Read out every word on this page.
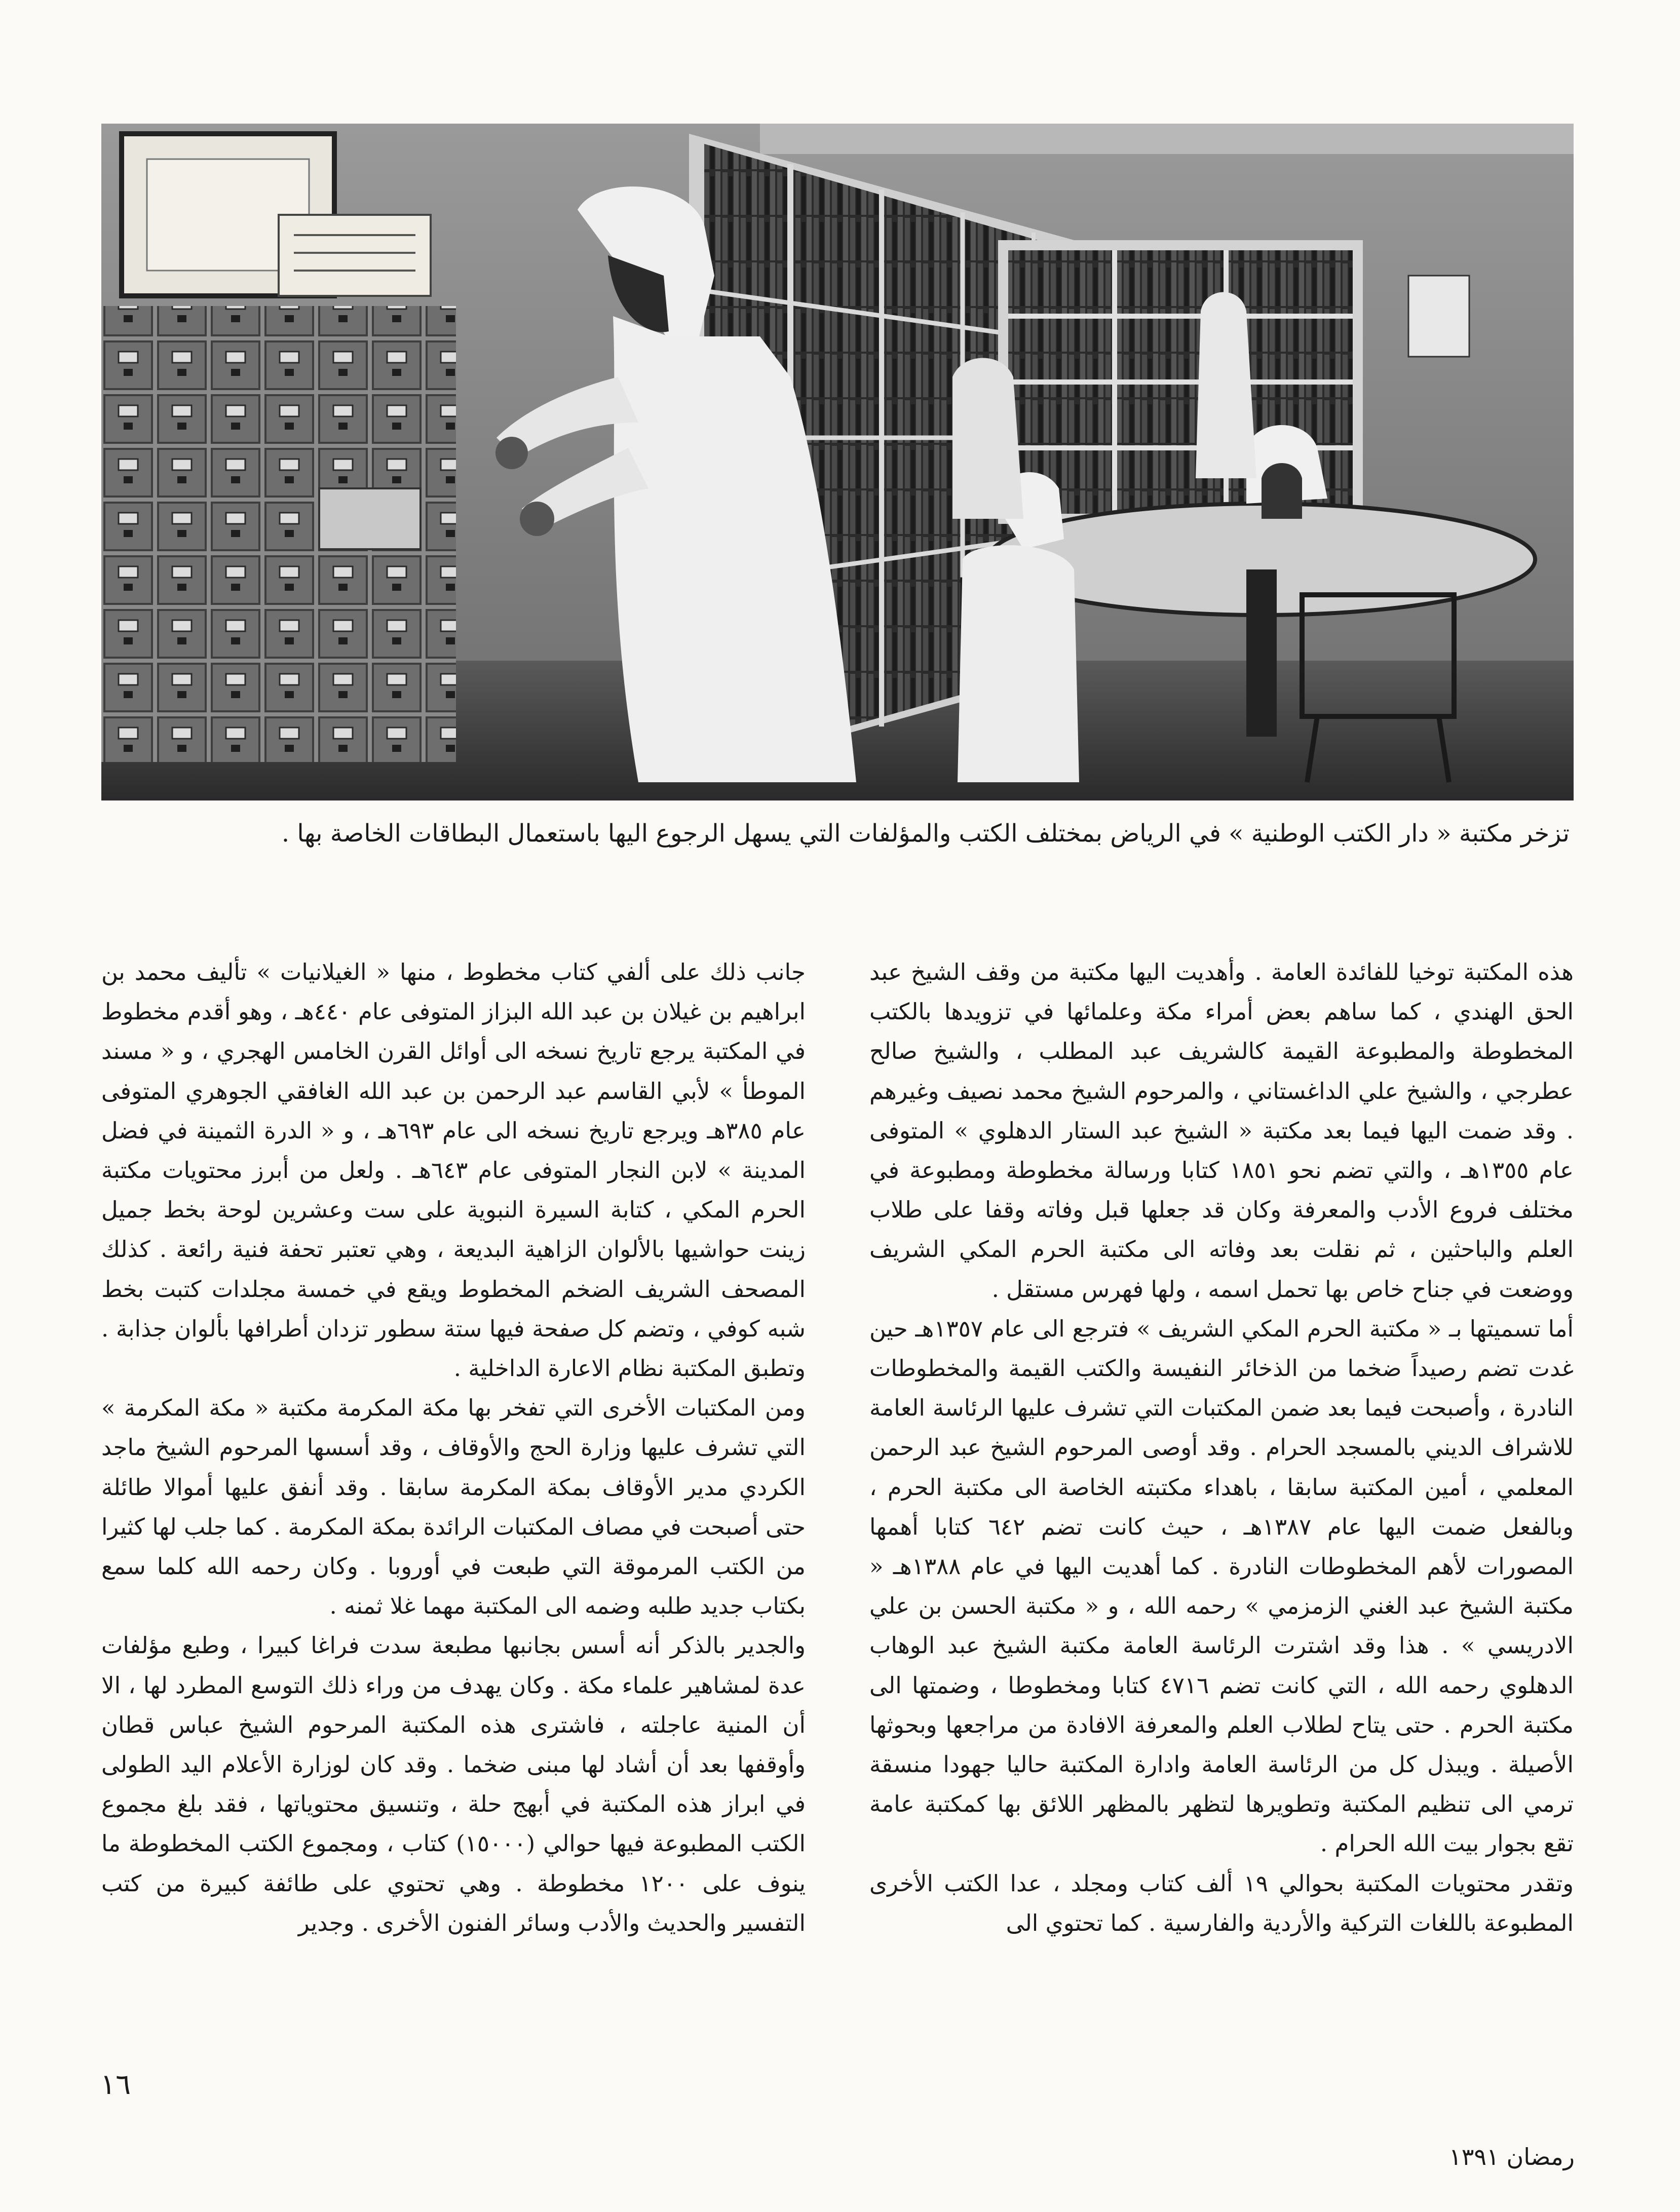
تزخر مكتبة « دار الكتب الوطنية » في الرياض بمختلف الكتب والمؤلفات التي يسهل الرجوع اليها باستعمال البطاقات الخاصة بها .

هذه المكتبة توخيا للفائدة العامة . وأهديت اليها مكتبة من وقف الشيخ عبد الحق الهندي ، كما ساهم بعض أمراء مكة وعلمائها في تزويدها بالكتب المخطوطة والمطبوعة القيمة كالشريف عبد المطلب ، والشيخ صالح عطرجي ، والشيخ علي الداغستاني ، والمرحوم الشيخ محمد نصيف وغيرهم . وقد ضمت اليها فيما بعد مكتبة « الشيخ عبد الستار الدهلوي » المتوفى عام ١٣٥٥هـ ، والتي تضم نحو ١٨٥١ كتابا ورسالة مخطوطة ومطبوعة في مختلف فروع الأدب والمعرفة وكان قد جعلها قبل وفاته وقفا على طلاب العلم والباحثين ، ثم نقلت بعد وفاته الى مكتبة الحرم المكي الشريف ووضعت في جناح خاص بها تحمل اسمه ، ولها فهرس مستقل .

أما تسميتها بـ « مكتبة الحرم المكي الشريف » فترجع الى عام ١٣٥٧هـ حين غدت تضم رصيداً ضخما من الذخائر النفيسة والكتب القيمة والمخطوطات النادرة ، وأصبحت فيما بعد ضمن المكتبات التي تشرف عليها الرئاسة العامة للاشراف الديني بالمسجد الحرام . وقد أوصى المرحوم الشيخ عبد الرحمن المعلمي ، أمين المكتبة سابقا ، باهداء مكتبته الخاصة الى مكتبة الحرم ، وبالفعل ضمت اليها عام ١٣٨٧هـ ، حيث كانت تضم ٦٤٢ كتابا أهمها المصورات لأهم المخطوطات النادرة . كما أهديت اليها في عام ١٣٨٨هـ « مكتبة الشيخ عبد الغني الزمزمي » رحمه الله ، و « مكتبة الحسن بن علي الادريسي » . هذا وقد اشترت الرئاسة العامة مكتبة الشيخ عبد الوهاب الدهلوي رحمه الله ، التي كانت تضم ٤٧١٦ كتابا ومخطوطا ، وضمتها الى مكتبة الحرم . حتى يتاح لطلاب العلم والمعرفة الافادة من مراجعها وبحوثها الأصيلة . ويبذل كل من الرئاسة العامة وادارة المكتبة حاليا جهودا منسقة ترمي الى تنظيم المكتبة وتطويرها لتظهر بالمظهر اللائق بها كمكتبة عامة تقع بجوار بيت الله الحرام .

وتقدر محتويات المكتبة بحوالي ١٩ ألف كتاب ومجلد ، عدا الكتب الأخرى المطبوعة باللغات التركية والأردية والفارسية . كما تحتوي الى

جانب ذلك على ألفي كتاب مخطوط ، منها « الغيلانيات » تأليف محمد بن ابراهيم بن غيلان بن عبد الله البزاز المتوفى عام ٤٤٠هـ ، وهو أقدم مخطوط في المكتبة يرجع تاريخ نسخه الى أوائل القرن الخامس الهجري ، و « مسند الموطأ » لأبي القاسم عبد الرحمن بن عبد الله الغافقي الجوهري المتوفى عام ٣٨٥هـ ويرجع تاريخ نسخه الى عام ٦٩٣هـ ، و « الدرة الثمينة في فضل المدينة » لابن النجار المتوفى عام ٦٤٣هـ . ولعل من أبرز محتويات مكتبة الحرم المكي ، كتابة السيرة النبوية على ست وعشرين لوحة بخط جميل زينت حواشيها بالألوان الزاهية البديعة ، وهي تعتبر تحفة فنية رائعة . كذلك المصحف الشريف الضخم المخطوط ويقع في خمسة مجلدات كتبت بخط شبه كوفي ، وتضم كل صفحة فيها ستة سطور تزدان أطرافها بألوان جذابة . وتطبق المكتبة نظام الاعارة الداخلية .

ومن المكتبات الأخرى التي تفخر بها مكة المكرمة مكتبة « مكة المكرمة » التي تشرف عليها وزارة الحج والأوقاف ، وقد أسسها المرحوم الشيخ ماجد الكردي مدير الأوقاف بمكة المكرمة سابقا . وقد أنفق عليها أموالا طائلة حتى أصبحت في مصاف المكتبات الرائدة بمكة المكرمة . كما جلب لها كثيرا من الكتب المرموقة التي طبعت في أوروبا . وكان رحمه الله كلما سمع بكتاب جديد طلبه وضمه الى المكتبة مهما غلا ثمنه .

والجدير بالذكر أنه أسس بجانبها مطبعة سدت فراغا كبيرا ، وطبع مؤلفات عدة لمشاهير علماء مكة . وكان يهدف من وراء ذلك التوسع المطرد لها ، الا أن المنية عاجلته ، فاشترى هذه المكتبة المرحوم الشيخ عباس قطان وأوقفها بعد أن أشاد لها مبنى ضخما . وقد كان لوزارة الأعلام اليد الطولى في ابراز هذه المكتبة في أبهج حلة ، وتنسيق محتوياتها ، فقد بلغ مجموع الكتب المطبوعة فيها حوالي (١٥٠٠٠) كتاب ، ومجموع الكتب المخطوطة ما ينوف على ١٢٠٠ مخطوطة . وهي تحتوي على طائفة كبيرة من كتب التفسير والحديث والأدب وسائر الفنون الأخرى . وجدير

١٦
رمضان ١٣٩١
